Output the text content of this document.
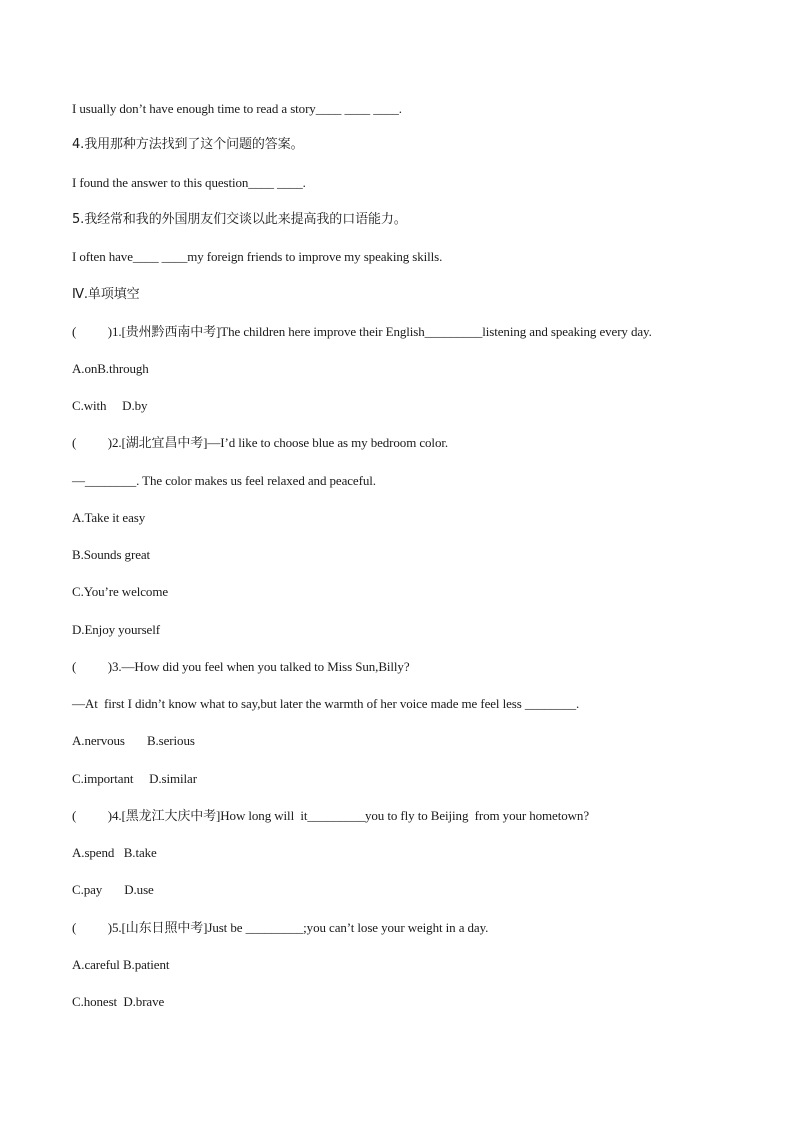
I usually don’t have enough time to read a story____ ____ ____.
4.我用那种方法找到了这个问题的答案。
I found the answer to this question____ ____.
5.我经常和我的外国朋友们交谈以此来提高我的口语能力。
I often have____ ____my foreign friends to improve my speaking skills.
Ⅳ.单项填空
(          )1.[贵州黔西南中考]The children here improve their English_________listening and speaking every day.
A.onB.through
C.with     D.by
(          )2.[湖北宜昌中考]—I’d like to choose blue as my bedroom color.
—________. The color makes us feel relaxed and peaceful.
A.Take it easy
B.Sounds great
C.You’re welcome
D.Enjoy yourself
(          )3.—How did you feel when you talked to Miss Sun,Billy?
—At  first I didn’t know what to say,but later the warmth of her voice made me feel less ________.
A.nervous       B.serious
C.important     D.similar
(          )4.[黑龙江大庆中考]How long will  it_________you to fly to Beijing  from your hometown?
A.spend   B.take
C.pay       D.use
(          )5.[山东日照中考]Just be _________;you can’t lose your weight in a day.
A.careful B.patient
C.honest  D.brave
